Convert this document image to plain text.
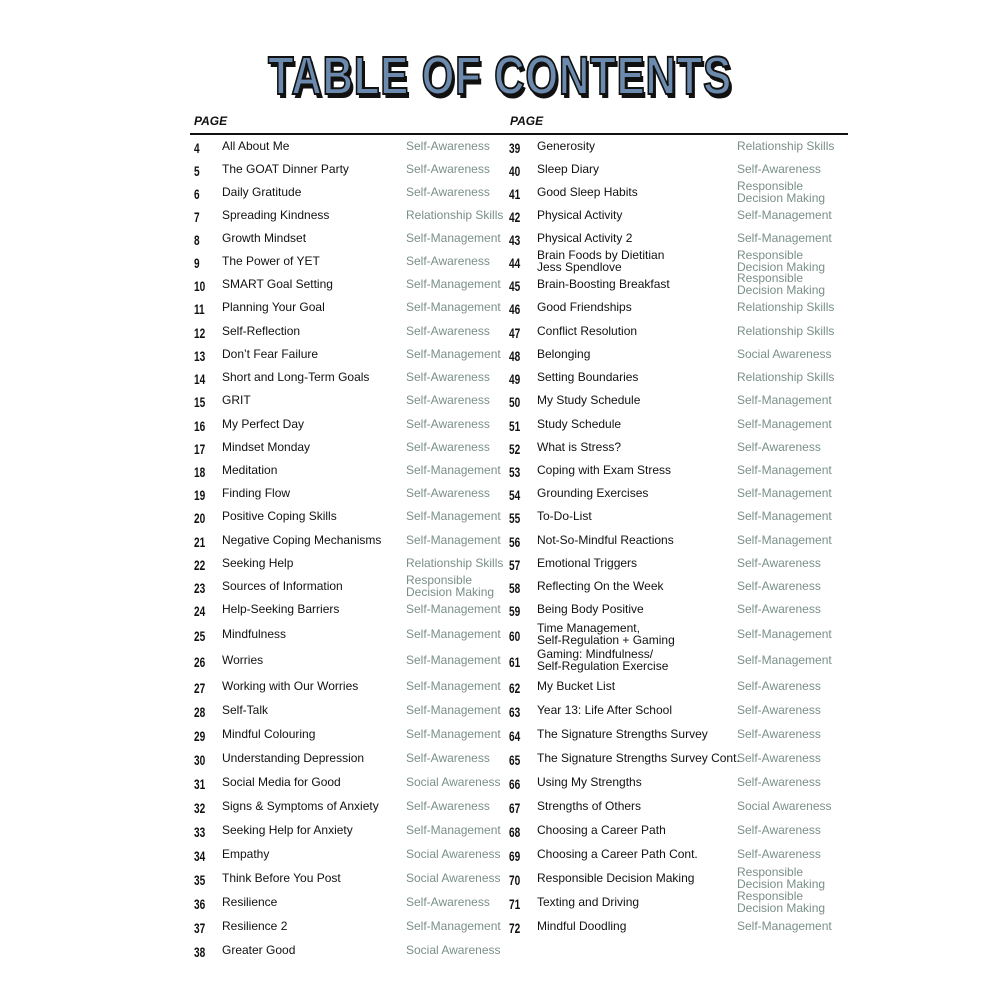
TABLE OF CONTENTS
PAGE	PAGE
4	All About Me	Self-Awareness
5	The GOAT Dinner Party	Self-Awareness
6	Daily Gratitude	Self-Awareness
7	Spreading Kindness	Relationship Skills
8	Growth Mindset	Self-Management
9	The Power of YET	Self-Awareness
10	SMART Goal Setting	Self-Management
11	Planning Your Goal	Self-Management
12	Self-Reflection	Self-Awareness
13	Don’t Fear Failure	Self-Management
14	Short and Long-Term Goals	Self-Awareness
15	GRIT	Self-Awareness
16	My Perfect Day	Self-Awareness
17	Mindset Monday	Self-Awareness
18	Meditation	Self-Management
19	Finding Flow	Self-Awareness
20	Positive Coping Skills	Self-Management
21	Negative Coping Mechanisms Self-Management
22	Seeking Help	Relationship Skills
23	Sources of Information	Responsible
Decision Making
24	Help-Seeking Barriers	Self-Management
25	Mindfulness	Self-Management
26	Worries	Self-Management
27	Working with Our Worries	Self-Management
28	Self-Talk	Self-Management
29	Mindful Colouring	Self-Management
30	Understanding Depression	Self-Awareness
31	Social Media for Good	Social Awareness
32	Signs & Symptoms of Anxiety Self-Awareness
33	Seeking Help for Anxiety	Self-Management
34	Empathy	Social Awareness
35	Think Before You Post	Social Awareness
36	Resilience	Self-Awareness
37	Resilience 2	Self-Management
38	Greater Good	Social Awareness
39	Generosity	Relationship Skills
40	Sleep Diary	Self-Awareness
41	Good Sleep Habits	Responsible
Decision Making
42	Physical Activity	Self-Management
43	Physical Activity 2	Self-Management
44	Brain Foods by Dietitian
Jess Spendlove
Responsible
Decision Making
45	Brain-Boosting Breakfast	Responsible
Decision Making
46	Good Friendships	Relationship Skills
47	Conflict Resolution	Relationship Skills
48	Belonging	Social Awareness
49	Setting Boundaries	Relationship Skills
50	My Study Schedule	Self-Management
51	Study Schedule	Self-Management
52	What is Stress?	Self-Awareness
53	Coping with Exam Stress	Self-Management
54	Grounding Exercises	Self-Management
55	To-Do-List	Self-Management
56	Not-So-Mindful Reactions	Self-Management
57	Emotional Triggers	Self-Awareness
58	Reflecting On the Week	Self-Awareness
59	Being Body Positive	Self-Awareness
60	Time Management,
Self-Regulation + Gaming	Self-Management
61	Gaming: Mindfulness/
Self-Regulation Exercise	Self-Management
62	My Bucket List	Self-Awareness
63	Year 13: Life After School	Self-Awareness
64	The Signature Strengths Survey Self-Awareness
65	The Signature Strengths Survey Cont.
Self-Awareness
66	Using My Strengths	Self-Awareness
67	Strengths of Others	Social Awareness
68	Choosing a Career Path	Self-Awareness
69	Choosing a Career Path Cont.	Self-Awareness
70	Responsible Decision Making	Responsible
Decision Making
71	Texting and Driving	Responsible
Decision Making
72	Mindful Doodling	Self-Management
